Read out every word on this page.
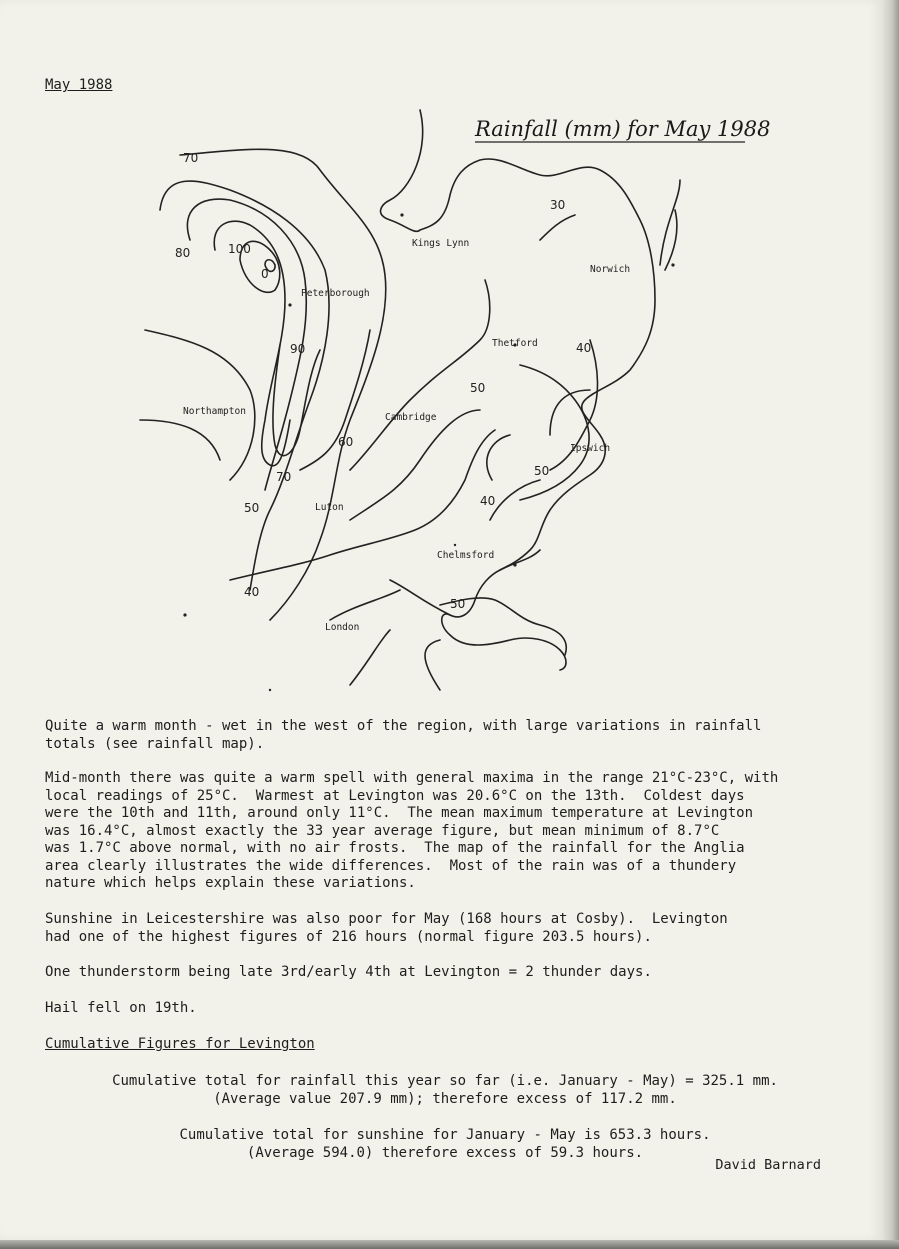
May 1988
Rainfall (mm) for May 1988
Kings Lynn
Norwich
Peterborough
Thetford
Northampton
Cambridge
Ipswich
Luton
Chelmsford
London
70
80	100
0
90
60
70
50
40
30
40
50
50
40
50
Quite a warm month - wet in the west of the region, with large variations in rainfall
totals (see rainfall map).
Mid-month there was quite a warm spell with general maxima in the range 21°C-23°C, with
local readings of 25°C.  Warmest at Levington was 20.6°C on the 13th.  Coldest days
were the 10th and 11th, around only 11°C.  The mean maximum temperature at Levington
was 16.4°C, almost exactly the 33 year average figure, but mean minimum of 8.7°C
was 1.7°C above normal, with no air frosts.  The map of the rainfall for the Anglia
area clearly illustrates the wide differences.  Most of the rain was of a thundery
nature which helps explain these variations.
Sunshine in Leicestershire was also poor for May (168 hours at Cosby).  Levington
had one of the highest figures of 216 hours (normal figure 203.5 hours).
One thunderstorm being late 3rd/early 4th at Levington = 2 thunder days.
Hail fell on 19th.
Cumulative Figures for Levington
Cumulative total for rainfall this year so far (i.e. January - May) = 325.1 mm.
(Average value 207.9 mm); therefore excess of 117.2 mm.
Cumulative total for sunshine for January - May is 653.3 hours.
(Average 594.0) therefore excess of 59.3 hours.
David Barnard
